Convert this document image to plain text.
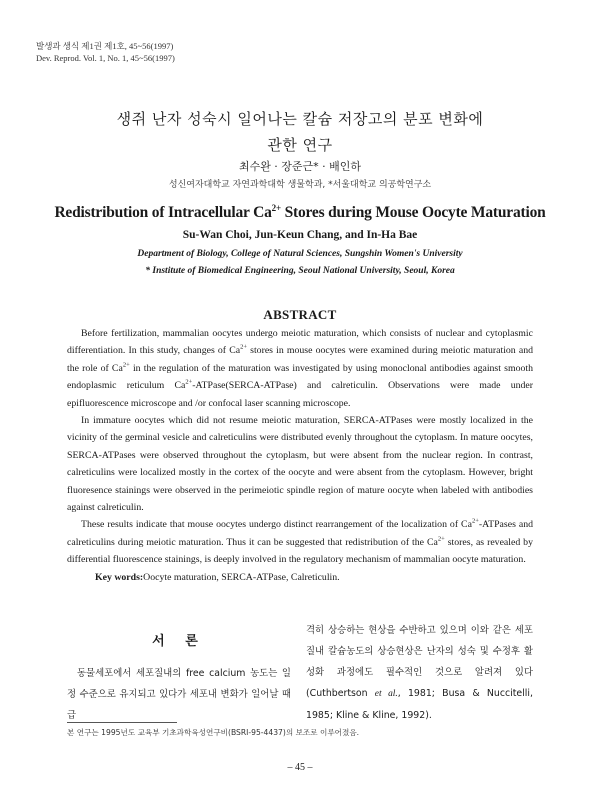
발생과 생식 제1권 제1호, 45~56(1997)
Dev. Reprod. Vol. 1, No. 1, 45~56(1997)
생쥐 난자 성숙시 일어나는 칼슘 저장고의 분포 변화에
관한 연구
최수완 · 장준근* · 배인하
성신여자대학교 자연과학대학 생물학과, *서울대학교 의공학연구소
Redistribution of Intracellular $Ca^{2+}$ Stores during Mouse Oocyte Maturation
Su-Wan Choi, Jun-Keun Chang, and In-Ha Bae
Department of Biology, College of Natural Sciences, Sungshin Women's University
* Institute of Biomedical Engineering, Seoul National University, Seoul, Korea
ABSTRACT

Before fertilization, mammalian oocytes undergo meiotic maturation, which consists of nuclear and cytoplasmic differentiation. In this study, changes of $Ca^{2+}$ stores in mouse oocytes were examined during meiotic maturation and the role of $Ca^{2+}$ in the regulation of the maturation was investigated by using monoclonal antibodies against smooth endoplasmic reticulum $Ca^{2+}-ATPase(SERCA-ATPase)$ and calreticulin. Observations were made under epifluorescence microscope and /or confocal laser scanning microscope.

In immature oocytes which did not resume meiotic maturation, SERCA-ATPases were mostly localized in the vicinity of the germinal vesicle and calreticulins were distributed evenly throughout the cytoplasm. In mature oocytes, SERCA-ATPases were observed throughout the cytoplasm, but were absent from the nuclear region. In contrast, calreticulins were localized mostly in the cortex of the oocyte and were absent from the cytoplasm. However, bright fluoresence stainings were observed in the perimeiotic spindle region of mature oocyte when labeled with antibodies against calreticulin.

These results indicate that mouse oocytes undergo distinct rearrangement of the localization of $Ca^{2+}$-ATPases and calreticulins during meiotic maturation. Thus it can be suggested that redistribution of the $Ca^{2+}$ stores, as revealed by differential fluorescence stainings, is deeply involved in the regulatory mechanism of mammalian oocyte maturation.

Key words:Oocyte maturation, SERCA-ATPase, Calreticulin.

서 론

동물세포에서 세포질내의 free calcium 농도는 일정 수준으로 유지되고 있다가 세포내 변화가 일어날 때 급

격히 상승하는 현상을 수반하고 있으며 이와 같은 세포질내 칼슘농도의 상승현상은 난자의 성숙 및 수정후 활성화 과정에도 필수적인 것으로 알려져 있다(Cuthbertson et al., 1981; Busa & Nuccitelli, 1985; Kline & Kline, 1992).

본 연구는 1995년도 교육부 기초과학육성연구비(BSRI-95-4437)의 보조로 이루어졌음.
– 45 –
